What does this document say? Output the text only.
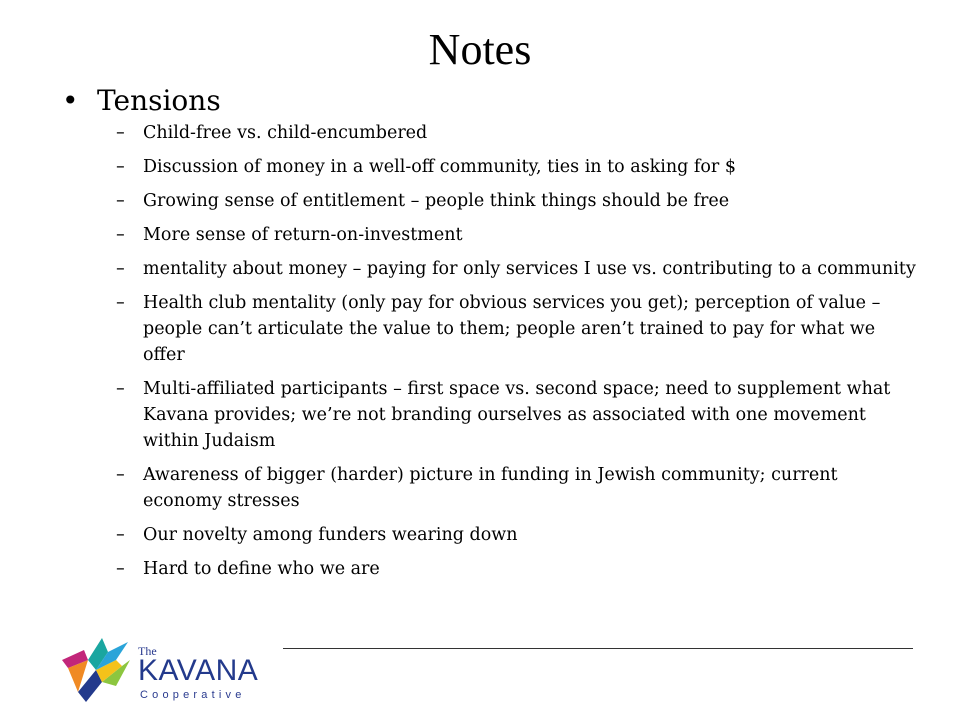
Notes
• Tensions
– Child-free vs. child-encumbered
– Discussion of money in a well-off community, ties in to asking for $
– Growing sense of entitlement – people think things should be free
– More sense of return-on-investment
– mentality about money – paying for only services I use vs. contributing to a community
– Health club mentality (only pay for obvious services you get); perception of value – people can’t articulate the value to them; people aren’t trained to pay for what we offer
– Multi-affiliated participants – first space vs. second space; need to supplement what Kavana provides; we’re not branding ourselves as associated with one movement within Judaism
– Awareness of bigger (harder) picture in funding in Jewish community; current economy stresses
– Our novelty among funders wearing down
– Hard to define who we are
The
KAVANA
Cooperative
